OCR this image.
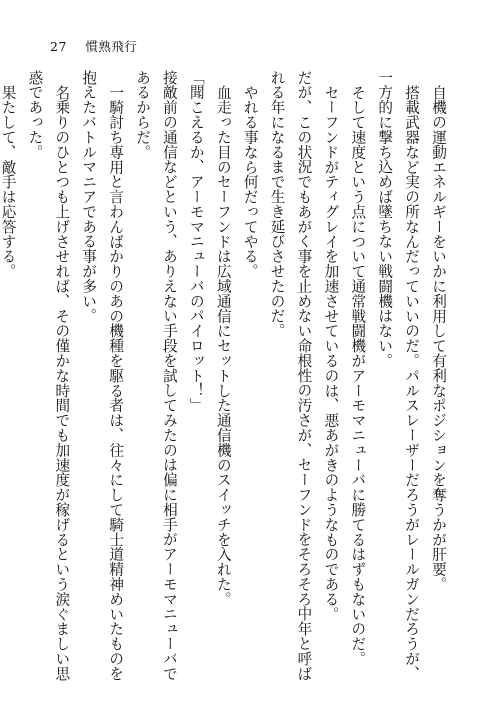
27 慣熟飛行

自機の運動エネルギーをいかに利用して有利なポジションを奪うかが肝要。

搭載武器など実の所なんだっていいのだ。パルスレーザーだろうがレールガンだろうが、一方的に撃ち込めば墜ちない戦闘機はない。

そして速度という点について通常戦闘機がアーモマニューバに勝てるはずもないのだ。

セーフンドがティグレイを加速させているのは、悪あがきのようなものである。

だが、この状況でもあがく事を止めない命根性の汚さが、セーフンドをそろそろ中年と呼ばれる年になるまで生き延びさせたのだ。

やれる事なら何だってやる。

血走った目のセーフンドは広域通信にセットした通信機のスイッチを入れた。

「聞こえるか、アーモマニューバのパイロット！」

接敵前の通信などという、ありえない手段を試してみたのは偏に相手がアーモマニューバであるからだ。

一騎討ち専用と言わんばかりのあの機種を駆る者は、往々にして騎士道精神めいたものを抱えたバトルマニアである事が多い。

名乗りのひとつも上げさせれば、その僅かな時間でも加速度が稼げるという涙ぐましい思惑であった。

果たして、敵手は応答する。
